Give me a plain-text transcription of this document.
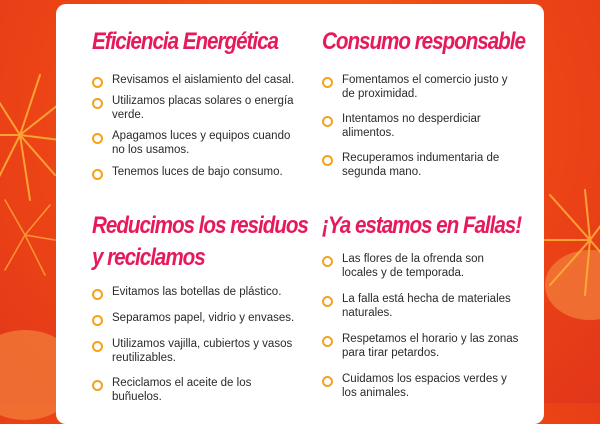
Eficiencia Energética
Revisamos el aislamiento del casal.
Utilizamos placas solares o energía verde.
Apagamos luces y equipos cuando no los usamos.
Tenemos luces de bajo consumo.
Consumo responsable
Fomentamos el comercio justo y de proximidad.
Intentamos no desperdiciar alimentos.
Recuperamos indumentaria de segunda mano.
Reducimos los residuos
y reciclamos
Evitamos las botellas de plástico.
Separamos papel, vidrio y envases.
Utilizamos vajilla, cubiertos y vasos reutilizables.
Reciclamos el aceite de los buñuelos.
¡Ya estamos en Fallas!
Las flores de la ofrenda son locales y de temporada.
La falla está hecha de materiales naturales.
Respetamos el horario y las zonas para tirar petardos.
Cuidamos los espacios verdes y los animales.
